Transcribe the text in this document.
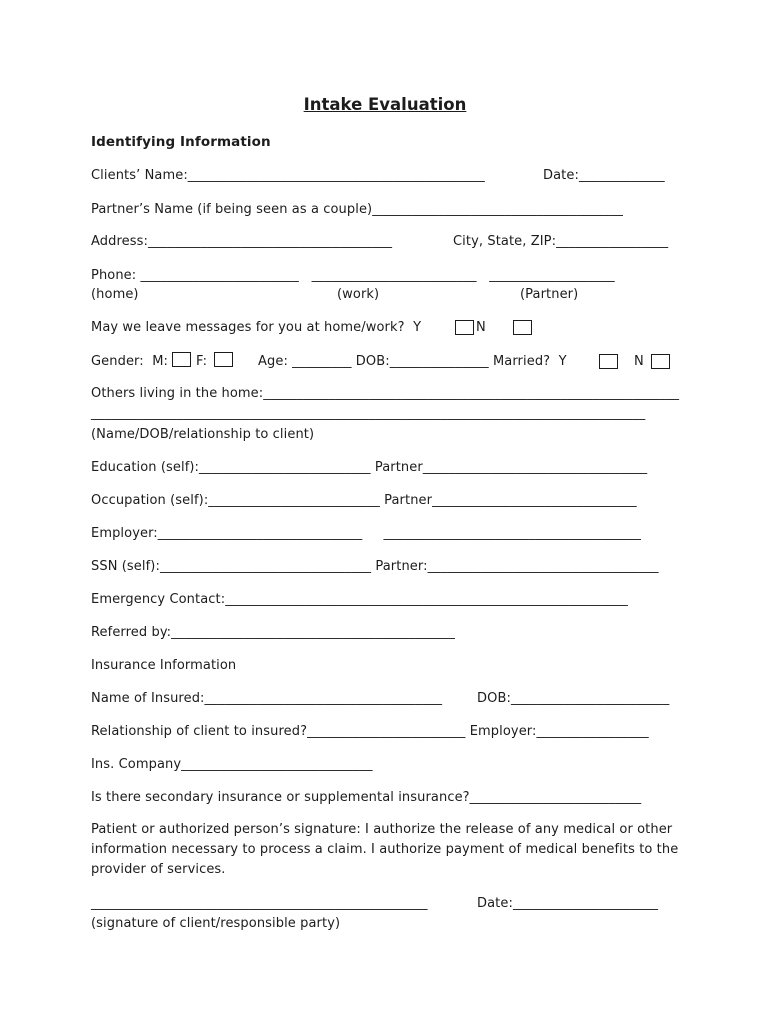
Intake Evaluation
Identifying Information
Clients’ Name:_____________________________________________	Date:_____________
Partner’s Name (if being seen as a couple)______________________________________
Address:_____________________________________	City, State, ZIP:_________________
Phone: ________________________   _________________________   ___________________
(home)	(work)	(Partner)
May we leave messages for you at home/work?  Y	N
Gender:  M: F:	Age: _________ DOB:_______________ Married?  Y	N
Others living in the home:_______________________________________________________________
____________________________________________________________________________________
(Name/DOB/relationship to client)
Education (self):__________________________ Partner__________________________________
Occupation (self):__________________________ Partner_______________________________
Employer:_______________________________     _______________________________________
SSN (self):________________________________ Partner:___________________________________
Emergency Contact:_____________________________________________________________
Referred by:___________________________________________
Insurance Information
Name of Insured:____________________________________	DOB:________________________
Relationship of client to insured?________________________ Employer:_________________
Ins. Company_____________________________
Is there secondary insurance or supplemental insurance?__________________________
Patient or authorized person’s signature: I authorize the release of any medical or other information necessary to process a claim. I authorize payment of medical benefits to the provider of services.
___________________________________________________	Date:______________________
(signature of client/responsible party)
